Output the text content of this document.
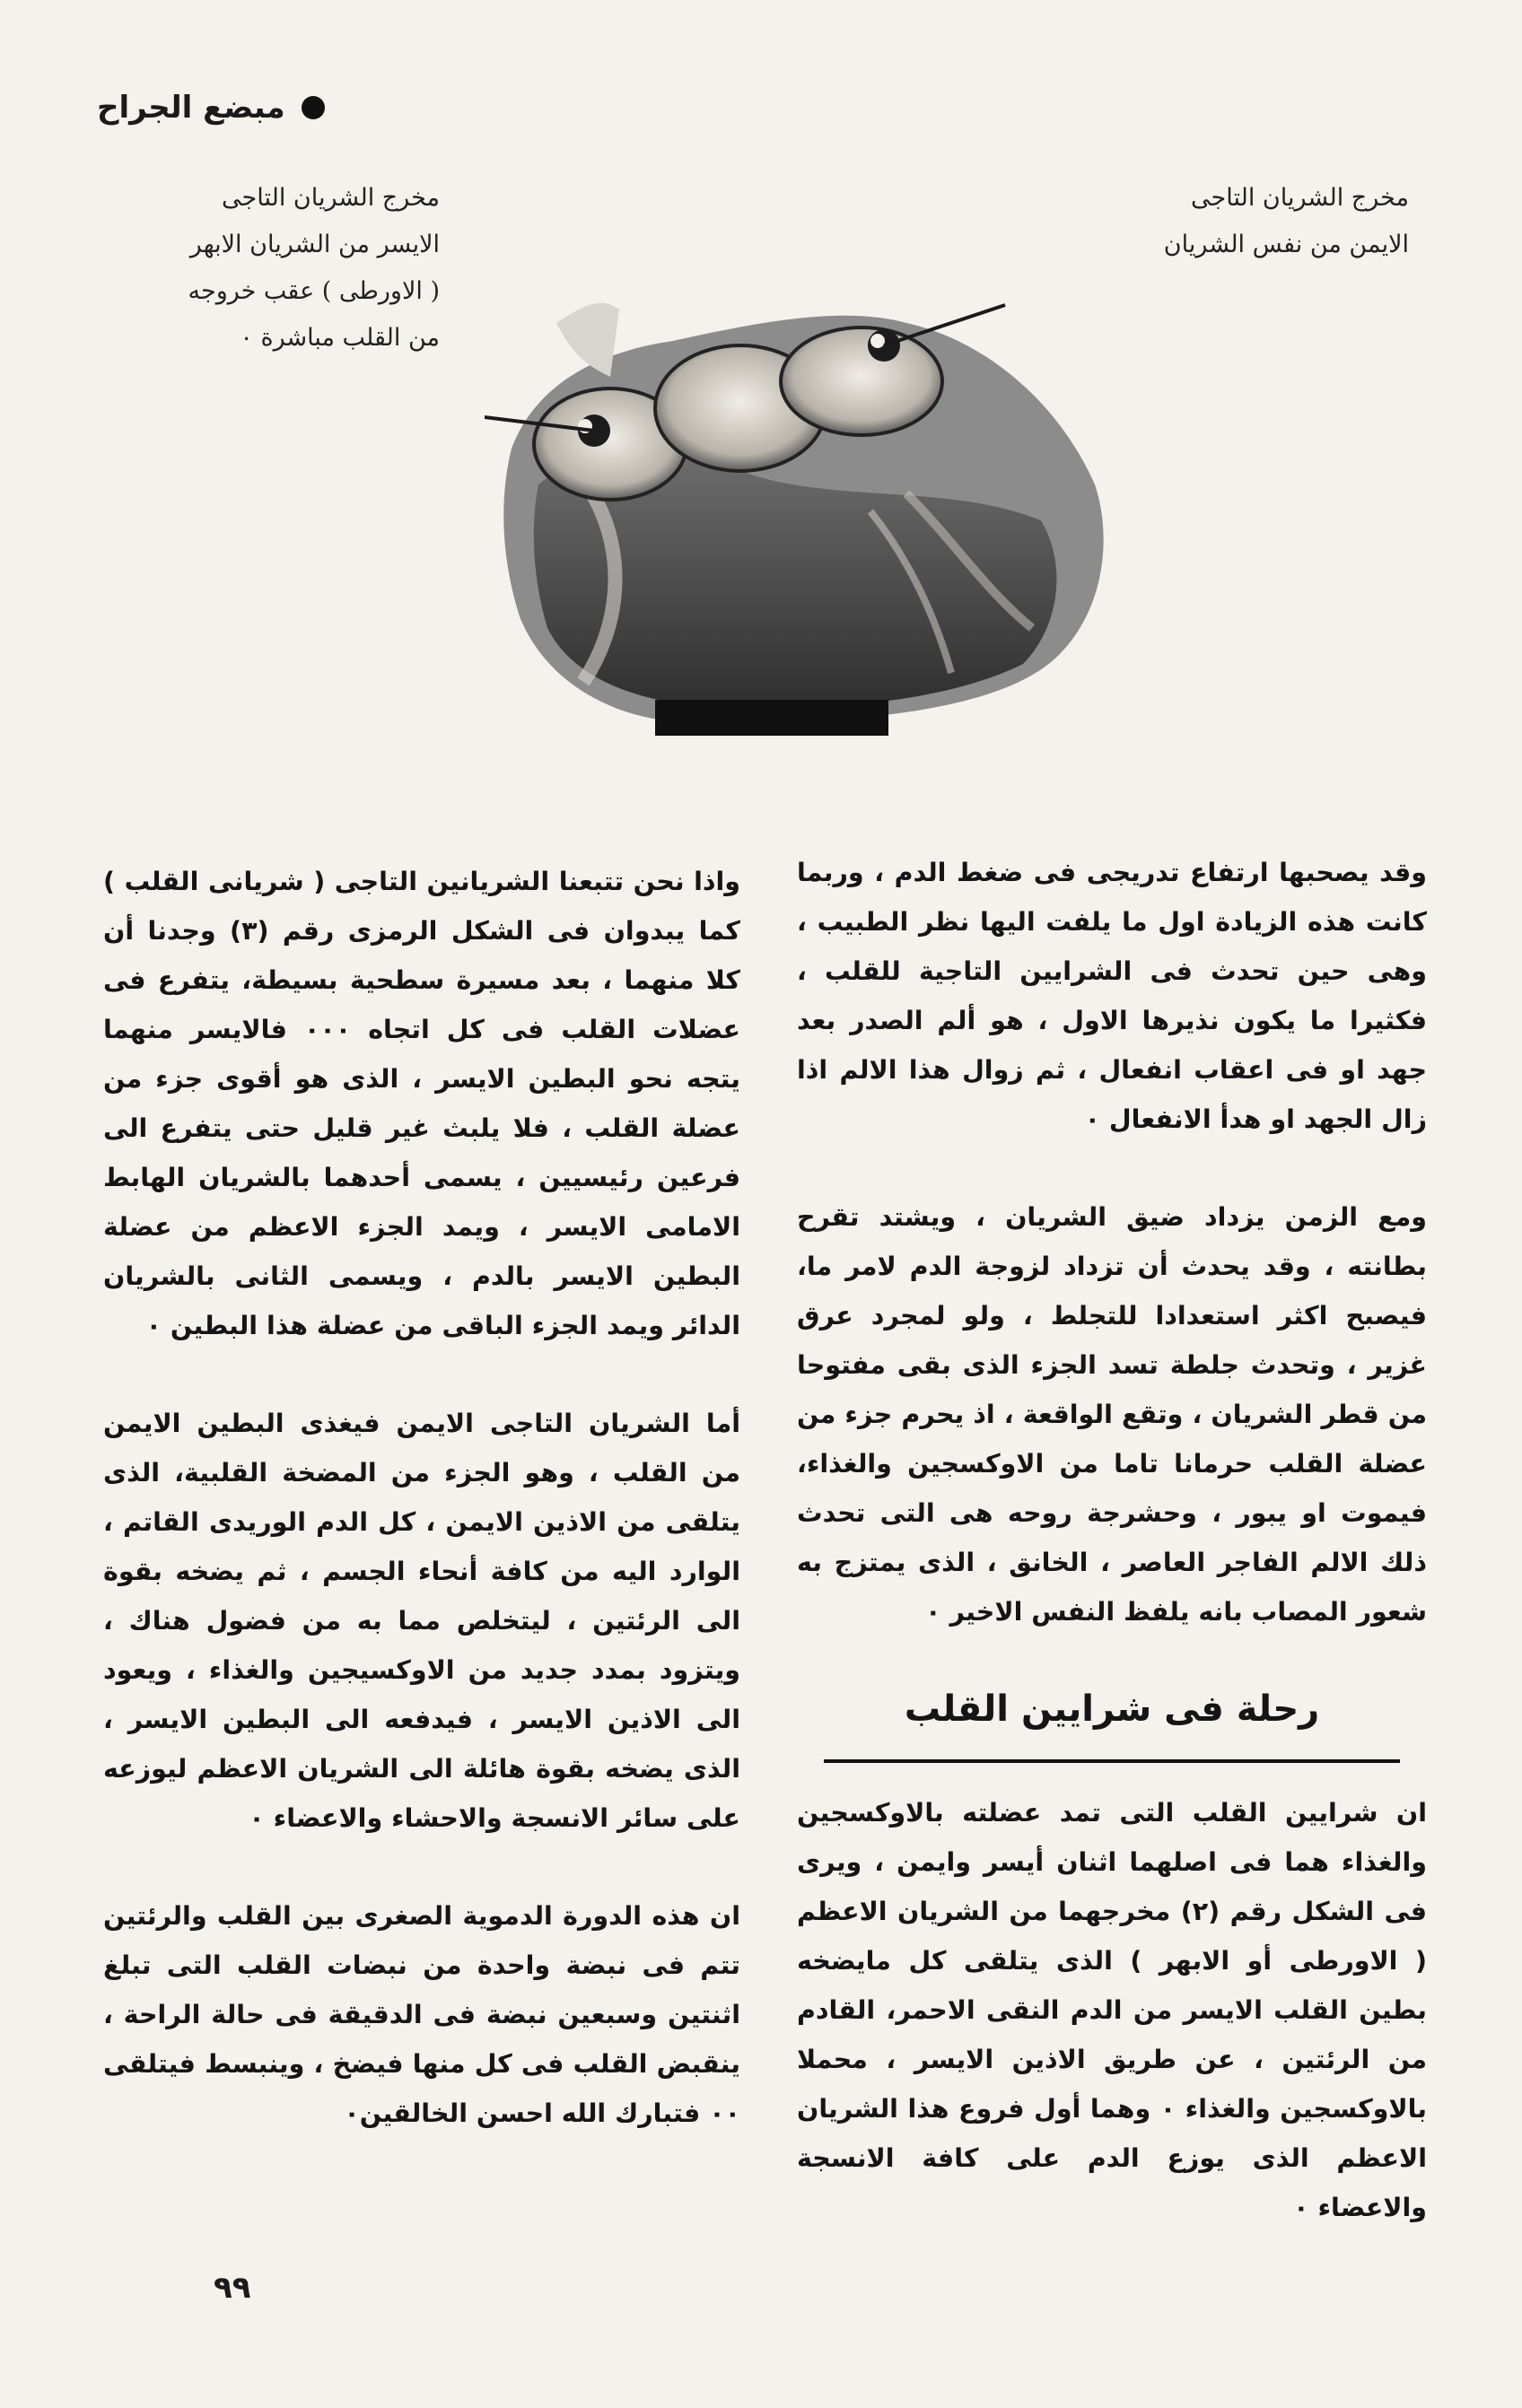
مبضع الجراح

مخرج الشريان التاجى

الايمن من نفس الشريان

مخرج الشريان التاجى

الايسر من الشريان الابهر

( الاورطى ) عقب خروجه

من القلب مباشرة ٠

وقد يصحبها ارتفاع تدريجى فى ضغط الدم ، وربما كانت هذه الزيادة اول ما يلفت اليها نظر الطبيب ، وهى حين تحدث فى الشرايين التاجية للقلب ، فكثيرا ما يكون نذيرها الاول ، هو ألم الصدر بعد جهد او فى اعقاب انفعال ، ثم زوال هذا الالم اذا زال الجهد او هدأ الانفعال ٠

ومع الزمن يزداد ضيق الشريان ، ويشتد تقرح بطانته ، وقد يحدث أن تزداد لزوجة الدم لامر ما، فيصبح اكثر استعدادا للتجلط ، ولو لمجرد عرق غزير ، وتحدث جلطة تسد الجزء الذى بقى مفتوحا من قطر الشريان ، وتقع الواقعة ، اذ يحرم جزء من عضلة القلب حرمانا تاما من الاوكسجين والغذاء، فيموت او يبور ، وحشرجة روحه هى التى تحدث ذلك الالم الفاجر العاصر ، الخانق ، الذى يمتزج به شعور المصاب بانه يلفظ النفس الاخير ٠

رحلة فى شرايين القلب

ان شرايين القلب التى تمد عضلته بالاوكسجين والغذاء هما فى اصلهما اثنان أيسر وايمن ، ويرى فى الشكل رقم (٢) مخرجهما من الشريان الاعظم ( الاورطى أو الابهر ) الذى يتلقى كل مايضخه بطين القلب الايسر من الدم النقى الاحمر، القادم من الرئتين ، عن طريق الاذين الايسر ، محملا بالاوكسجين والغذاء ٠ وهما أول فروع هذا الشريان الاعظم الذى يوزع الدم على كافة الانسجة والاعضاء ٠

واذا نحن تتبعنا الشريانين التاجى ( شريانى القلب ) كما يبدوان فى الشكل الرمزى رقم (٣) وجدنا أن كلا منهما ، بعد مسيرة سطحية بسيطة، يتفرع فى عضلات القلب فى كل اتجاه ٠٠٠ فالايسر منهما يتجه نحو البطين الايسر ، الذى هو أقوى جزء من عضلة القلب ، فلا يلبث غير قليل حتى يتفرع الى فرعين رئيسيين ، يسمى أحدهما بالشريان الهابط الامامى الايسر ، ويمد الجزء الاعظم من عضلة البطين الايسر بالدم ، ويسمى الثانى بالشريان الدائر ويمد الجزء الباقى من عضلة هذا البطين ٠

أما الشريان التاجى الايمن فيغذى البطين الايمن من القلب ، وهو الجزء من المضخة القلبية، الذى يتلقى من الاذين الايمن ، كل الدم الوريدى القاتم ، الوارد اليه من كافة أنحاء الجسم ، ثم يضخه بقوة الى الرئتين ، ليتخلص مما به من فضول هناك ، ويتزود بمدد جديد من الاوكسيجين والغذاء ، ويعود الى الاذين الايسر ، فيدفعه الى البطين الايسر ، الذى يضخه بقوة هائلة الى الشريان الاعظم ليوزعه على سائر الانسجة والاحشاء والاعضاء ٠

ان هذه الدورة الدموية الصغرى بين القلب والرئتين تتم فى نبضة واحدة من نبضات القلب التى تبلغ اثنتين وسبعين نبضة فى الدقيقة فى حالة الراحة ، ينقبض القلب فى كل منها فيضخ ، وينبسط فيتلقى ٠٠ فتبارك الله احسن الخالقين٠

٩٩
